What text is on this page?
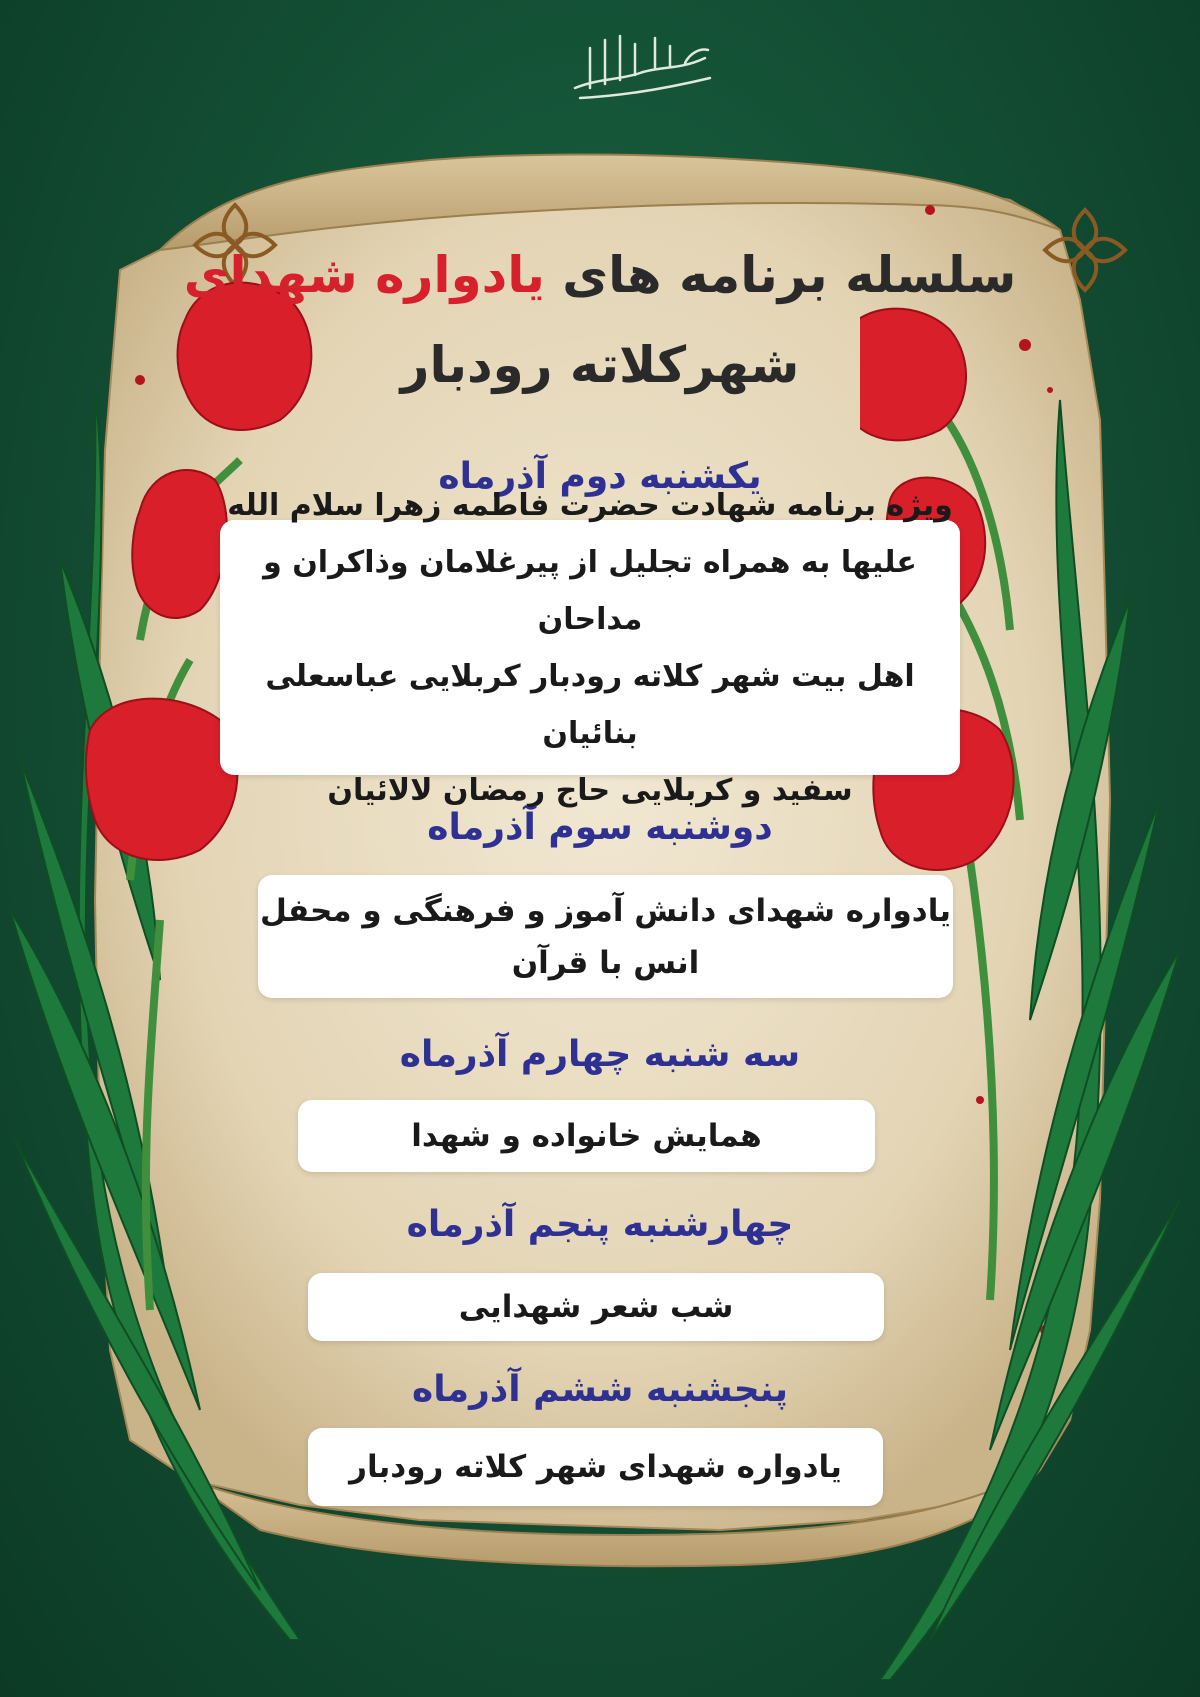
سلسله برنامه های یادواره شهدای
شهرکلاته رودبار
یکشنبه دوم آذرماه
ویژه برنامه شهادت حضرت فاطمه زهرا سلام الله
علیها به همراه تجلیل از پیرغلامان وذاکران و مداحان
اهل بیت شهر کلاته رودبار کربلایی عباسعلی بنائیان
سفید و کربلایی حاج رمضان لالائیان
دوشنبه سوم آذرماه
یادواره شهدای دانش آموز و فرهنگی و محفل
انس با قرآن
سه شنبه چهارم آذرماه
همایش خانواده و شهدا
چهارشنبه پنجم آذرماه
شب شعر شهدایی
پنجشنبه ششم آذرماه
یادواره شهدای شهر کلاته رودبار
